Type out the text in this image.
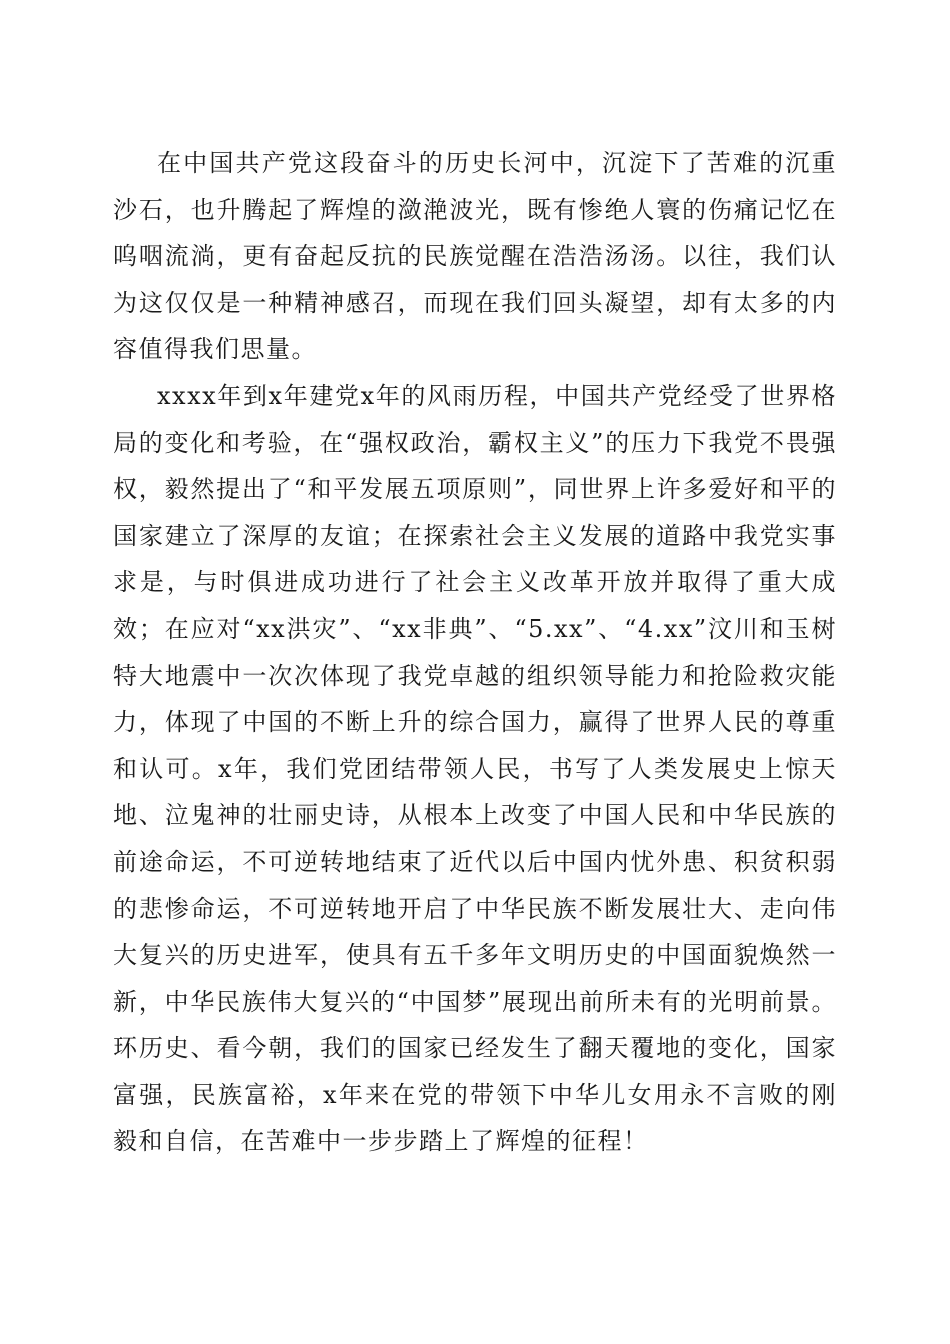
在中国共产党这段奋斗的历史长河中，沉淀下了苦难的沉重沙石，也升腾起了辉煌的潋滟波光，既有惨绝人寰的伤痛记忆在呜咽流淌，更有奋起反抗的民族觉醒在浩浩汤汤。以往，我们认为这仅仅是一种精神感召，而现在我们回头凝望，却有太多的内容值得我们思量。

xxxx年到x年建党x年的风雨历程，中国共产党经受了世界格局的变化和考验，在“强权政治，霸权主义”的压力下我党不畏强权，毅然提出了“和平发展五项原则”，同世界上许多爱好和平的国家建立了深厚的友谊；在探索社会主义发展的道路中我党实事求是，与时俱进成功进行了社会主义改革开放并取得了重大成效；在应对“xx洪灾”、“xx非典”、“5.xx”、“4.xx”汶川和玉树特大地震中一次次体现了我党卓越的组织领导能力和抢险救灾能力，体现了中国的不断上升的综合国力，赢得了世界人民的尊重和认可。x年，我们党团结带领人民，书写了人类发展史上惊天地、泣鬼神的壮丽史诗，从根本上改变了中国人民和中华民族的前途命运，不可逆转地结束了近代以后中国内忧外患、积贫积弱的悲惨命运，不可逆转地开启了中华民族不断发展壮大、走向伟大复兴的历史进军，使具有五千多年文明历史的中国面貌焕然一新，中华民族伟大复兴的“中国梦”展现出前所未有的光明前景。环历史、看今朝，我们的国家已经发生了翻天覆地的变化，国家富强，民族富裕，x年来在党的带领下中华儿女用永不言败的刚毅和自信，在苦难中一步步踏上了辉煌的征程！
